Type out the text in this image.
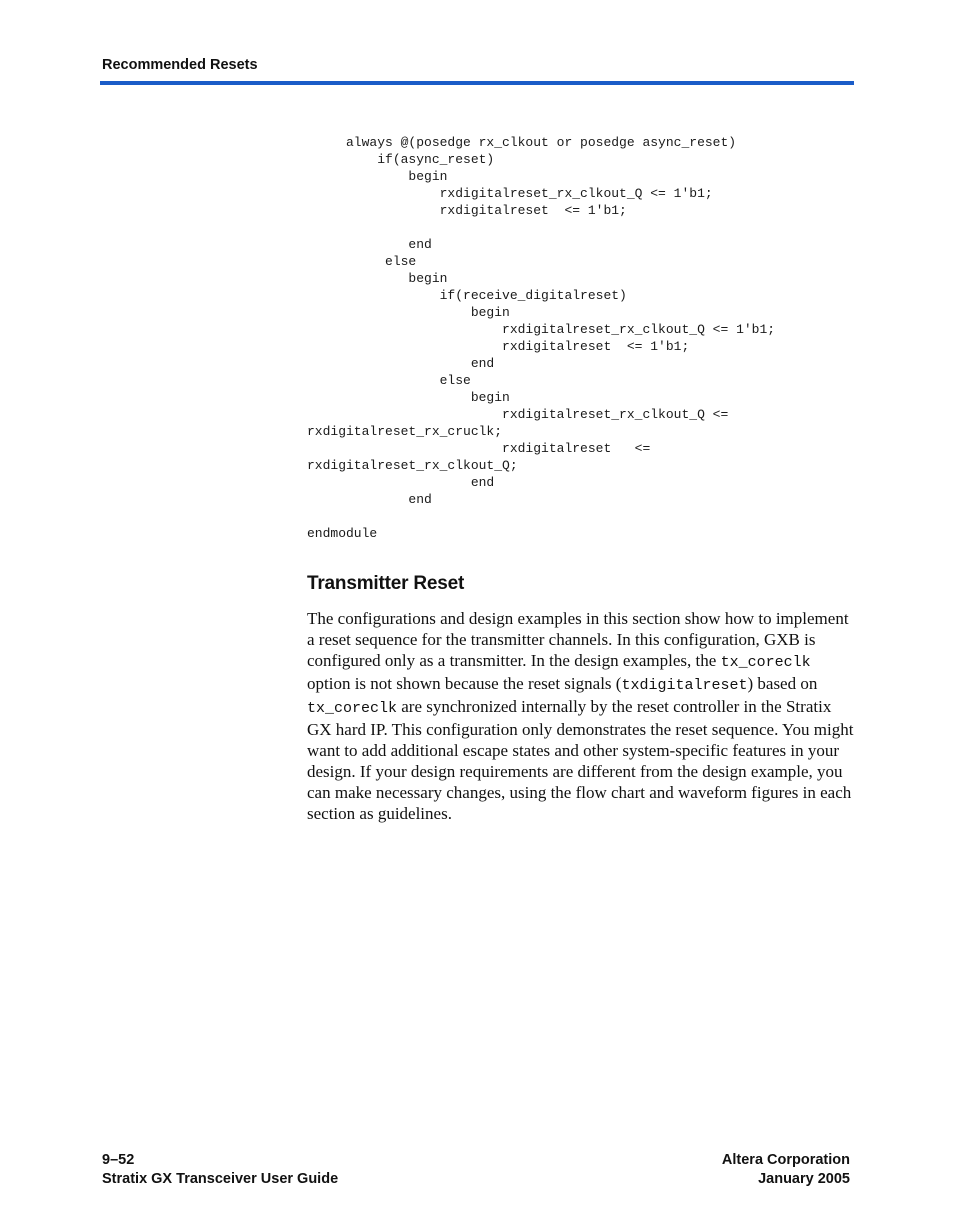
Recommended Resets
always @(posedge rx_clkout or posedge async_reset)
if(async_reset)
begin
rxdigitalreset_rx_clkout_Q <= 1'b1;
rxdigitalreset  <= 1'b1;

end
else
begin
if(receive_digitalreset)
begin
rxdigitalreset_rx_clkout_Q <= 1'b1;
rxdigitalreset  <= 1'b1;
end
else
begin
rxdigitalreset_rx_clkout_Q <=
rxdigitalreset_rx_cruclk;
rxdigitalreset   <=
rxdigitalreset_rx_clkout_Q;
end
end

endmodule
Transmitter Reset

The configurations and design examples in this section show how to implement a reset sequence for the transmitter channels. In this configuration, GXB is configured only as a transmitter. In the design examples, the tx_coreclk option is not shown because the reset signals (txdigitalreset) based on tx_coreclk are synchronized internally by the reset controller in the Stratix GX hard IP. This configuration only demonstrates the reset sequence. You might want to add additional escape states and other system-specific features in your design. If your design requirements are different from the design example, you can make necessary changes, using the flow chart and waveform figures in each section as guidelines.

9–52
Stratix GX Transceiver User Guide
Altera Corporation
January 2005
